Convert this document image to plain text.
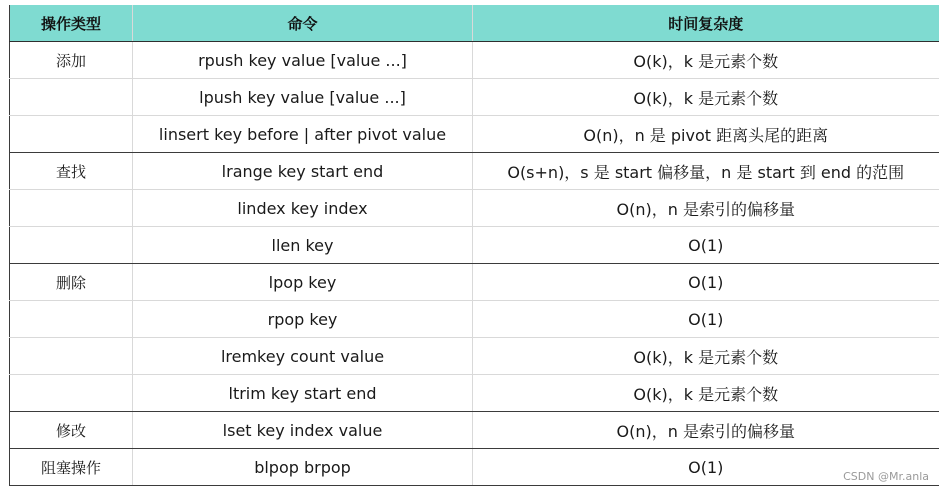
操作类型	命令	时间复杂度
添加	rpush key value [value ...]	O(k)，k 是元素个数
	lpush key value [value ...]	O(k)，k 是元素个数
	linsert key before | after pivot value	O(n)，n 是 pivot 距离头尾的距离
查找	lrange key start end	O(s+n)，s 是 start 偏移量，n 是 start 到 end 的范围
	lindex key index	O(n)，n 是索引的偏移量
	llen key	O(1)
删除	lpop key	O(1)
	rpop key	O(1)
	lremkey count value	O(k)，k 是元素个数
	ltrim key start end	O(k)，k 是元素个数
修改	lset key index value	O(n)，n 是索引的偏移量
阻塞操作	blpop brpop	O(1)	CSDN @Mr.anla
